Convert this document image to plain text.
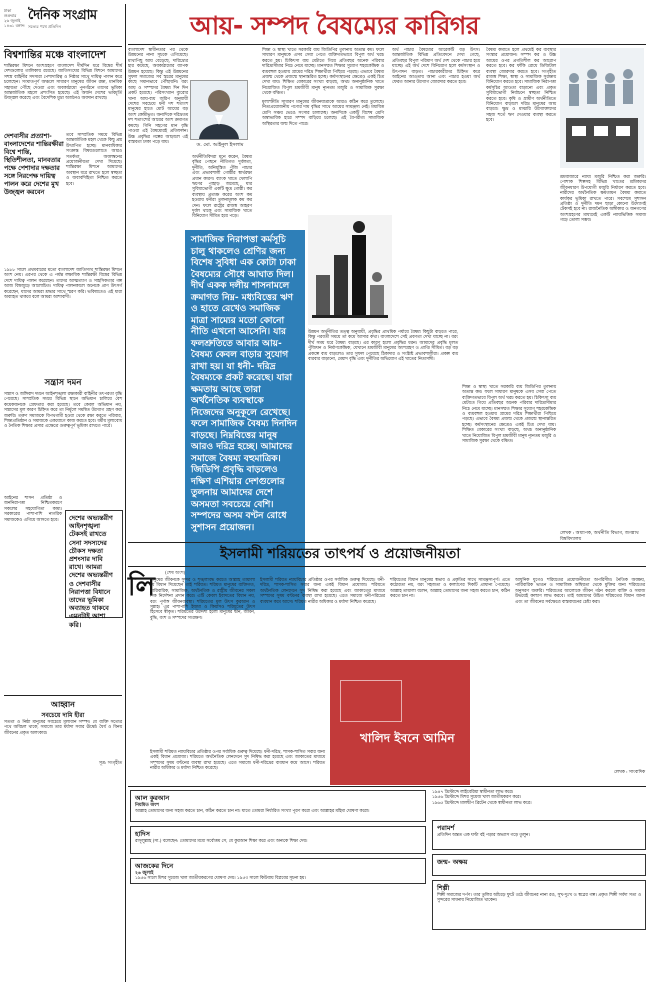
ঢাকা
শুক্রবার
২৬ জুলাই
১৪৩১ বঙ্গাব্দ
দৈনিক সংগ্রাম
সত্যের পথে প্রতিদিন
বিশ্বশান্তির মঞ্চে বাংলাদেশ
শান্তিরক্ষা মিশনে অংশগ্রহণে বাংলাদেশ দীর্ঘদিন ধরে বিশ্বের শীর্ষ দেশগুলোর তালিকায় রয়েছে। জাতিসংঘের বিভিন্ন মিশনে আমাদের সশস্ত্র বাহিনীর সদস্যরা পেশাদারিত্ব ও নিষ্ঠার সাথে দায়িত্ব পালন করে চলেছেন। সংঘাতপূর্ণ অঞ্চলে সাধারণ মানুষের জীবন রক্ষা, মানবিক সহায়তা পৌঁছে দেওয়া এবং অবকাঠামো পুনর্গঠনে তাদের ভূমিকা আন্তর্জাতিক মহলে প্রশংসিত হয়েছে। এই অর্জন দেশের ভাবমূর্তি উজ্জ্বল করেছে এবং বৈদেশিক মুদ্রা অর্জনেও অবদান রাখছে।
দেশবাসীর প্রত্যাশা- বাংলাদেশের শান্তিরক্ষীরা বিশ্বে শান্তি, স্থিতিশীলতা, মানবতার পক্ষে পেশাদার দক্ষতার সঙ্গে নিরপেক্ষ দায়িত্ব পালন করে দেশের মুখ উজ্জ্বল করবেন
তবে সাম্প্রতিক সময়ে বিভিন্ন আন্তর্জাতিক মহল থেকে কিছু প্রশ্ন উত্থাপিত হচ্ছে। মানবাধিকার সংক্রান্ত বিষয়গুলোতে আরও সতর্কতা অবলম্বনের প্রয়োজনীয়তা দেখা দিয়েছে। শান্তিরক্ষা মিশনে আমাদের অবস্থান ধরে রাখতে হলে স্বচ্ছতা ও জবাবদিহিতা নিশ্চিত করতে হবে।
১৯৮৮ সালে প্রথমবারের মতো বাংলাদেশ জাতিসংঘ শান্তিরক্ষা মিশনে অংশ নেয়। এরপর থেকে এ পর্যন্ত লক্ষাধিক শান্তিরক্ষী বিশ্বের বিভিন্ন দেশে দায়িত্ব পালন করেছেন। তাদের আত্মত্যাগ ও সাহসিকতার গল্প আজ বিশ্বজুড়ে আলোচিত। দায়িত্ব পালনকালে অনেকে প্রাণ উৎসর্গ করেছেন, যাদের আমরা শ্রদ্ধার সাথে স্মরণ করি। ভবিষ্যতেও এই ধারা অব্যাহত থাকবে বলে আমরা আশাবাদী।
সন্ত্রাস দমন
সন্ত্রাস ও জঙ্গিবাদ দমনে আইনশৃঙ্খলা রক্ষাকারী বাহিনীর তৎপরতা বৃদ্ধি পেয়েছে। সাম্প্রতিক সময়ে বিভিন্ন স্থানে অভিযান চালিয়ে বেশ কয়েকজনকে গ্রেফতার করা হয়েছে। তবে কেবল অভিযান নয়, সন্ত্রাসের মূল কারণ চিহ্নিত করে তা নির্মূলে সমন্বিত উদ্যোগ গ্রহণ করা জরুরি। তরুণ সমাজকে বিপথগামী হওয়া থেকে রক্ষা করতে পরিবার, শিক্ষাপ্রতিষ্ঠান ও সমাজকে একযোগে কাজ করতে হবে। ধর্মীয় মূল্যবোধ ও নৈতিক শিক্ষার প্রসার এক্ষেত্রে গুরুত্বপূর্ণ ভূমিকা রাখতে পারে।
আইনের শাসন প্রতিষ্ঠা ও জননিরাপত্তা নিশ্চিতকরণে সকলের সহযোগিতা কাম্য। সরকারের পাশাপাশি নাগরিক সমাজকেও এগিয়ে আসতে হবে।	দেশের অভ্যন্তরীণ আইনশৃঙ্খলা টেকসই রাখতে সেনা সদস্যদের চৌকস দক্ষতা প্রশংসার দাবি রাখে। আমরা দেশের অভ্যন্তরীণ ও দেশবাসীর নিরাপত্তা বিধানে তাদের ভূমিকা অব্যাহত থাকবে এমনটাই আশা করি।
আহ্বান
সবচেয়ে দামি হীরা
সততা ও নিষ্ঠা মানুষের সবচেয়ে মূল্যবান সম্পদ। যে ব্যক্তি সত্যের পথে অবিচল থাকে, সমাজে তার মর্যাদা সবার ঊর্ধ্বে। ধৈর্য ও বিনয় জীবনের প্রকৃত অলংকার।
সূত্র: সংগৃহীত
আয়- সম্পদ বৈষম্যের কারিগর
ড. মো. আইনুল ইসলাম
বাংলাদেশ স্বাধীনতার পর থেকে উন্নয়নের নানা সূচকে এগিয়েছে। মাথাপিছু আয় বেড়েছে, দারিদ্র্যের হার কমেছে, অবকাঠামোর ব্যাপক উন্নয়ন হয়েছে। কিন্তু এই উন্নয়নের সুফল সমাজের সব স্তরের মানুষের কাছে সমানভাবে পৌঁছায়নি। বরং আয় ও সম্পদের বৈষম্য দিন দিন প্রকট হয়েছে। পরিসংখ্যান ব্যুরোর খানা আয়-ব্যয় জরিপ অনুযায়ী দেশের সবচেয়ে ধনী দশ শতাংশ মানুষের হাতে মোট আয়ের বড় অংশ কেন্দ্রীভূত। অন্যদিকে দরিদ্রতম দশ শতাংশের আয়ের অংশ ক্রমাগত কমছে। গিনি সহগের মান বৃদ্ধি পাওয়া এই বৈষম্যেরই প্রতিফলন। উচ্চ প্রবৃদ্ধির গল্পের আড়ালে এই বাস্তবতা ঢাকা পড়ে যায়।
অর্থনীতিবিদরা মনে করেন, বৈষম্য বৃদ্ধির পেছনে নীতিগত দুর্বলতা, দুর্নীতি, অনিয়ন্ত্রিত পুঁজি পাচার এবং প্রভাবশালী গোষ্ঠীর স্বার্থরক্ষা প্রধান কারণ। ব্যাংক খাতে খেলাপি ঋণের পাহাড় জমেছে, যার সুবিধাভোগী একটি ক্ষুদ্র গোষ্ঠী। কর ব্যবস্থায় প্রত্যক্ষ করের অংশ কম হওয়ায় ধনীরা তুলনামূলক কম কর দেন। ফলে রাষ্ট্রের রাজস্ব আহরণ দুর্বল থাকে এবং সামাজিক খাতে বিনিয়োগ সীমিত হয়ে পড়ে।
শিক্ষা ও স্বাস্থ্য খাতে সরকারি ব্যয় জিডিপির তুলনায় অত্যন্ত কম। ফলে সাধারণ মানুষকে এসব সেবা পেতে ব্যক্তিগতভাবে বিপুল অর্থ খরচ করতে হয়। চিকিৎসা ব্যয় মেটাতে গিয়ে প্রতিবছর অনেক পরিবার দারিদ্র্যসীমার নিচে নেমে যাচ্ছে। মানসম্মত শিক্ষার সুযোগ শহরকেন্দ্রিক ও ব্যয়বহুল হওয়ায় গ্রামের দরিদ্র শিক্ষার্থীরা পিছিয়ে পড়ছে। এভাবে বৈষম্য প্রজন্ম থেকে প্রজন্মে স্থানান্তরিত হচ্ছে। কর্মসংস্থানের ক্ষেত্রেও একই চিত্র দেখা যায়। শিক্ষিত বেকারের সংখ্যা বাড়ছে, অথচ অনানুষ্ঠানিক খাতে নিয়োজিত বিপুল শ্রমজীবী মানুষ ন্যূনতম মজুরি ও সামাজিক সুরক্ষা থেকে বঞ্চিত।
সামাজিক নিরাপত্তা কর্মসূচি চালু থাকলেও শ্রেণির জন্য বিশেষ সুবিধা এক কোটা ঢাকা বৈষম্যের সৌধে আঘাত দিল। দীর্ঘ একক দলীয় শাসনামলে ক্রমাগত নিম্ন- মধ্যবিত্তের ঋণ ও হাতে রেখেও সমাজিক মাত্রা সাম্যের মতো কোনো নীতি এখনো আসেনি। যার ফলশ্রুতিতে আবার আয়- বৈষম্য কেবল বাড়ার সুযোগ রাখা হয়। যা ধনী- দরিদ্র বৈষম্যকে প্রকট করেছে। যারা ক্ষমতায় আছে তারা অর্থনৈতিক ব্যবস্থাকে নিজেদের অনুকূলে রেখেছে। ফলে সামাজিক বৈষম্য দিনদিন বাড়ছে। নিম্নবিত্তের মানুষ আরও দরিদ্র হচ্ছে। আমাদের সমাজে বৈষম্য বহুমাত্রিক। জিডিপি প্রবৃদ্ধি বাড়লেও দক্ষিণ এশিয়ার দেশগুলোর তুলনায় আমাদের দেশে অসমতা সবচেয়ে বেশি। সম্পদের অসম বণ্টন রোধে সুশাসন প্রয়োজন।
মূল্যস্ফীতি সাধারণ মানুষের জীবনযাত্রাকে আরও কঠিন করে তুলেছে। নিত্যপ্রয়োজনীয় পণ্যের দাম বৃদ্ধির সাথে আয়ের সামঞ্জস্য নেই। মধ্যবিত্ত শ্রেণি সঞ্চয় ভেঙে সংসার চালাচ্ছে। অন্যদিকে একটি বিশেষ শ্রেণি অস্বাভাবিক হারে সম্পদ বাড়িয়ে চলেছে। এই বৈপরীত্য সামাজিক অস্থিরতার জন্ম দিতে পারে।
উন্নয়ন অর্থনীতির তত্ত্ব অনুযায়ী, প্রবৃদ্ধির প্রাথমিক পর্যায়ে বৈষম্য কিছুটা বাড়তে পারে, কিন্তু পরবর্তী সময়ে তা কমে আসার কথা। বাংলাদেশে সেই প্রবণতা দেখা যাচ্ছে না। বরং দীর্ঘ সময় ধরে বৈষম্য বাড়ছে। এর কারণ হলো প্রবৃদ্ধির ধরন। আমাদের প্রবৃদ্ধি মূলত পুঁজিঘন ও নির্মাণকেন্দ্রিক, যেখানে শ্রমজীবী মানুষের অংশগ্রহণ ও প্রাপ্তি সীমিত। বড় বড় প্রকল্পে ব্যয় বাড়লেও তার সুফল পেয়েছে ঠিকাদার ও সংশ্লিষ্ট প্রভাবশালীরা। প্রকল্প ব্যয় বারবার বাড়ানো, মেয়াদ বৃদ্ধি এবং দুর্নীতির অভিযোগ এই খাতের নিত্যসঙ্গী।
অর্থ পাচার বৈষম্যের আরেকটি বড় উৎস। আন্তর্জাতিক বিভিন্ন প্রতিবেদনে দেখা গেছে, প্রতিবছর বিপুল পরিমাণ অর্থ দেশ থেকে পাচার হয়ে যাচ্ছে। এই অর্থ দেশে বিনিয়োগ হলে কর্মসংস্থান ও উৎপাদন বাড়ত। পাচারকারীদের চিহ্নিত করে আইনের আওতায় আনা এবং পাচার হওয়া অর্থ ফেরত আনার উদ্যোগ জোরদার করতে হবে।
বৈষম্য কমাতে হলে প্রথমেই কর ব্যবস্থার সংস্কার প্রয়োজন। সম্পদ কর ও উচ্চ আয়ের ওপর প্রগতিশীল কর আরোপ করতে হবে। কর ফাঁকি রোধে ডিজিটাল ব্যবস্থা জোরদার করতে হবে। সংগৃহীত রাজস্ব শিক্ষা, স্বাস্থ্য ও সামাজিক সুরক্ষায় বিনিয়োগ করতে হবে। সামাজিক নিরাপত্তা কর্মসূচির আওতা বাড়ানো এবং প্রকৃত সুবিধাভোগী নির্বাচনে স্বচ্ছতা নিশ্চিত করতে হবে। কৃষি ও গ্রামীণ অর্থনীতিতে বিনিয়োগ বাড়ালে দরিদ্র মানুষের আয় বাড়বে। ক্ষুদ্র ও মাঝারি উদ্যোক্তাদের সহজ শর্তে ঋণ দেওয়ার ব্যবস্থা করতে হবে।
শ্রমবাজারে ন্যায্য মজুরি নিশ্চিত করা জরুরি। পোশাক শিল্পসহ বিভিন্ন খাতের শ্রমিকদের জীবনধারণ উপযোগী মজুরি নির্ধারণ করতে হবে। নারীদের অর্থনৈতিক ক্ষমতায়ন বৈষম্য কমাতে কার্যকর ভূমিকা রাখতে পারে। সবশেষে সুশাসন প্রতিষ্ঠা ও দুর্নীতি দমন ছাড়া কোনো উদ্যোগই টেকসই হবে না। রাজনৈতিক অঙ্গীকার ও জনগণের অংশগ্রহণের মাধ্যমেই একটি ন্যায়ভিত্তিক সমাজ গড়ে তোলা সম্ভব।
শিক্ষা ও স্বাস্থ্য খাতে সরকারি ব্যয় জিডিপির তুলনায় অত্যন্ত কম। ফলে সাধারণ মানুষকে এসব সেবা পেতে ব্যক্তিগতভাবে বিপুল অর্থ খরচ করতে হয়। চিকিৎসা ব্যয় মেটাতে গিয়ে প্রতিবছর অনেক পরিবার দারিদ্র্যসীমার নিচে নেমে যাচ্ছে। মানসম্মত শিক্ষার সুযোগ শহরকেন্দ্রিক ও ব্যয়বহুল হওয়ায় গ্রামের দরিদ্র শিক্ষার্থীরা পিছিয়ে পড়ছে। এভাবে বৈষম্য প্রজন্ম থেকে প্রজন্মে স্থানান্তরিত হচ্ছে। কর্মসংস্থানের ক্ষেত্রেও একই চিত্র দেখা যায়। শিক্ষিত বেকারের সংখ্যা বাড়ছে, অথচ অনানুষ্ঠানিক খাতে নিয়োজিত বিপুল শ্রমজীবী মানুষ ন্যূনতম মজুরি ও সামাজিক সুরক্ষা থেকে বঞ্চিত।
লেখক : অধ্যাপক, অর্থনীতি বিভাগ, জগন্নাথ বিশ্ববিদ্যালয়
ইসলামী শরিয়তের তাৎপর্য ও প্রয়োজনীয়তা
(শেষ অংশ)
লি
মানুষের জীবনকে সুন্দর ও শৃঙ্খলাবদ্ধ করতে আল্লাহ তায়ালা যে বিধান দিয়েছেন তাই শরিয়ত। শরিয়ত মানুষের ব্যক্তিগত, পারিবারিক, সামাজিক, অর্থনৈতিক ও রাষ্ট্রীয় জীবনের সকল দিক নির্দেশনা প্রদান করে। এটি কেবল ইবাদতের বিধান নয়, বরং পূর্ণাঙ্গ জীবনব্যবস্থা। শরিয়তের মূল উৎস কুরআন ও সুন্নাহ। এর পাশাপাশি ইজমা ও কিয়াসও শরিয়তের উৎস হিসেবে স্বীকৃত। শরিয়তের উদ্দেশ্য হলো মানুষের দ্বীন, জীবন, বুদ্ধি, বংশ ও সম্পদের সংরক্ষণ।
ইসলামী শরিয়ত ন্যায়বিচার প্রতিষ্ঠার ওপর সর্বাধিক গুরুত্ব দিয়েছে। ধনী-দরিদ্র, শাসক-শাসিত সবার জন্য একই বিধান প্রযোজ্য। শরিয়তে অর্থনৈতিক লেনদেনে সুদ নিষিদ্ধ করা হয়েছে এবং জাকাতের মাধ্যমে সম্পদের সুষম বণ্টনের ব্যবস্থা রাখা হয়েছে। এতে সমাজে ধনী-দরিদ্রের ব্যবধান কমে আসে। শরিয়ত নারীর অধিকার ও মর্যাদা নিশ্চিত করেছে।
খালিদ ইবনে আমিন
শরিয়তের বিধান মানুষের স্বভাব ও প্রকৃতির সাথে সামঞ্জস্যপূর্ণ। এতে কঠোরতা নয়, বরং সহজতা ও কল্যাণের দিকটি প্রাধান্য পেয়েছে। আল্লাহ তায়ালা বলেন, আল্লাহ তোমাদের জন্য সহজ করতে চান, কঠিন করতে চান না।
আধুনিক যুগেও শরিয়তের প্রয়োজনীয়তা অপরিসীম। নৈতিক অবক্ষয়, পারিবারিক ভাঙন ও সামাজিক অস্থিরতা থেকে মুক্তির জন্য শরিয়তের অনুসরণ জরুরি। শরিয়তের আলোকে জীবন গঠন করলে ব্যক্তি ও সমাজ উভয়েই কল্যাণ লাভ করবে। তাই আমাদের উচিত শরিয়তের বিধান জানা এবং তা জীবনের সর্বক্ষেত্রে বাস্তবায়নের চেষ্টা করা।
ইসলামী শরিয়ত ন্যায়বিচার প্রতিষ্ঠার ওপর সর্বাধিক গুরুত্ব দিয়েছে। ধনী-দরিদ্র, শাসক-শাসিত সবার জন্য একই বিধান প্রযোজ্য। শরিয়তে অর্থনৈতিক লেনদেনে সুদ নিষিদ্ধ করা হয়েছে এবং জাকাতের মাধ্যমে সম্পদের সুষম বণ্টনের ব্যবস্থা রাখা হয়েছে। এতে সমাজে ধনী-দরিদ্রের ব্যবধান কমে আসে। শরিয়ত নারীর অধিকার ও মর্যাদা নিশ্চিত করেছে।
লেখক : সাংবাদিক
আল কুরআন
নিয়মিত অংশ
আল্লাহ তোমাদের জন্য সহজ করতে চান, কঠিন করতে চান না। যাতে তোমরা নির্ধারিত সংখ্যা পূরণ করো এবং আল্লাহর মহিমা ঘোষণা করো।
হাদিস
রাসূলুল্লাহ (সা.) বলেছেন: তোমাদের মধ্যে সর্বোত্তম সে, যে কুরআন শিক্ষা করে এবং অন্যকে শিক্ষা দেয়।
আজকের দিনে
২৬ জুলাই
১৯৫৬ সালে মিশর সুয়েজ খাল জাতীয়করণের ঘোষণা দেয়। ১৯৫৩ সালে কিউবায় বিপ্লবের সূচনা হয়।
১৯৪৭ খ্রিস্টাব্দে লাইবেরিয়া স্বাধীনতা লাভ করে।
১৯৫৬ খ্রিস্টাব্দে মিশর সুয়েজ খাল জাতীয়করণ করে।
১৯৬৫ খ্রিস্টাব্দে মালদ্বীপ ব্রিটেন থেকে স্বাধীনতা লাভ করে।
পরামর্শ
প্রতিদিন অন্তত এক ঘণ্টা বই পড়ার অভ্যাস গড়ে তুলুন।
জন্ম- অক্ষয়
শিল্পী
শিল্পী সমাজের দর্পণ। তার তুলির আঁচড়ে ফুটে ওঠে জীবনের নানা রঙ, সুখ-দুঃখ ও স্বপ্নের গল্প। প্রকৃত শিল্পী সর্বদা সত্য ও সুন্দরের সাধনায় নিয়োজিত থাকেন।
